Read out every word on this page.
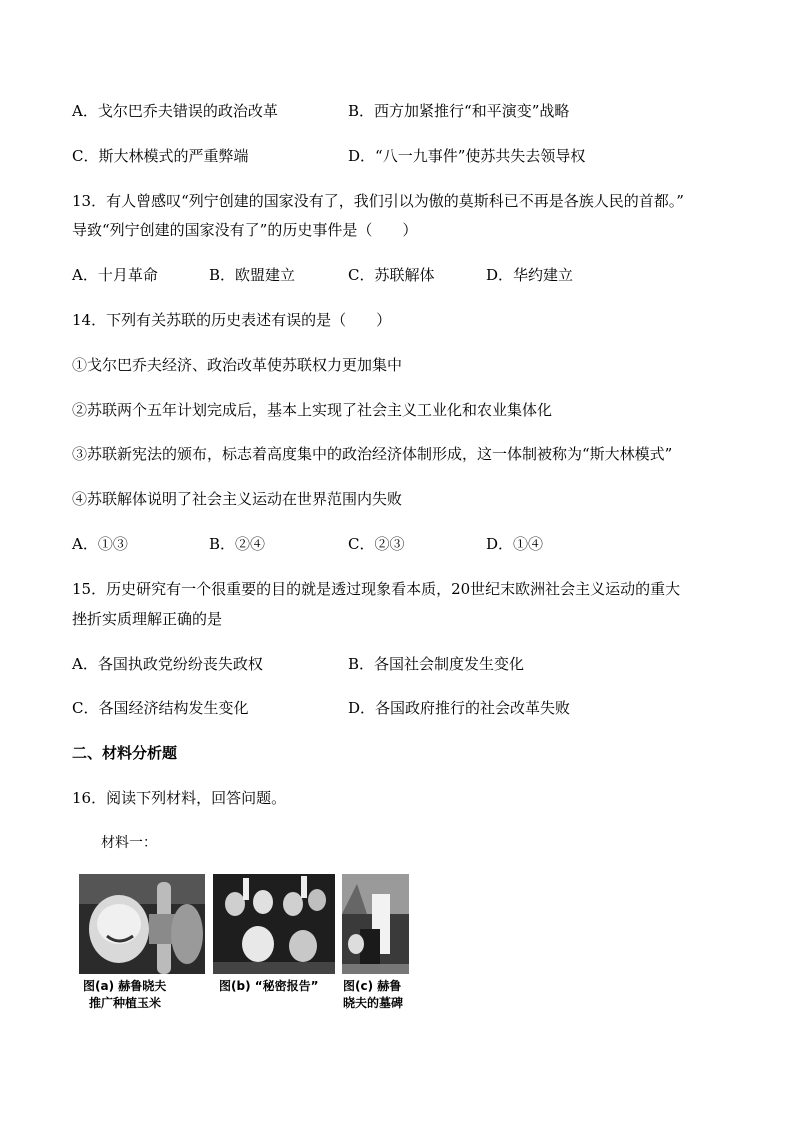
A．戈尔巴乔夫错误的政治改革	B．西方加紧推行“和平演变”战略
C．斯大林模式的严重弊端	D．“八一九事件”使苏共失去领导权
13．有人曾感叹“列宁创建的国家没有了，我们引以为傲的莫斯科已不再是各族人民的首都。”
导致“列宁创建的国家没有了”的历史事件是（　　）
A．十月革命	B．欧盟建立	C．苏联解体	D．华约建立
14．下列有关苏联的历史表述有误的是（　　）
①戈尔巴乔夫经济、政治改革使苏联权力更加集中
②苏联两个五年计划完成后，基本上实现了社会主义工业化和农业集体化
③苏联新宪法的颁布，标志着高度集中的政治经济体制形成，这一体制被称为“斯大林模式”
④苏联解体说明了社会主义运动在世界范围内失败
A．①③	B．②④	C．②③	D．①④
15．历史研究有一个很重要的目的就是透过现象看本质，20世纪末欧洲社会主义运动的重大
挫折实质理解正确的是
A．各国执政党纷纷丧失政权	B．各国社会制度发生变化
C．各国经济结构发生变化	D．各国政府推行的社会改革失败
二、材料分析题
16．阅读下列材料，回答问题。
材料一：
图(a) 赫鲁晓夫
推广种植玉米
图(b) “秘密报告” 图(c) 赫鲁
晓夫的墓碑
